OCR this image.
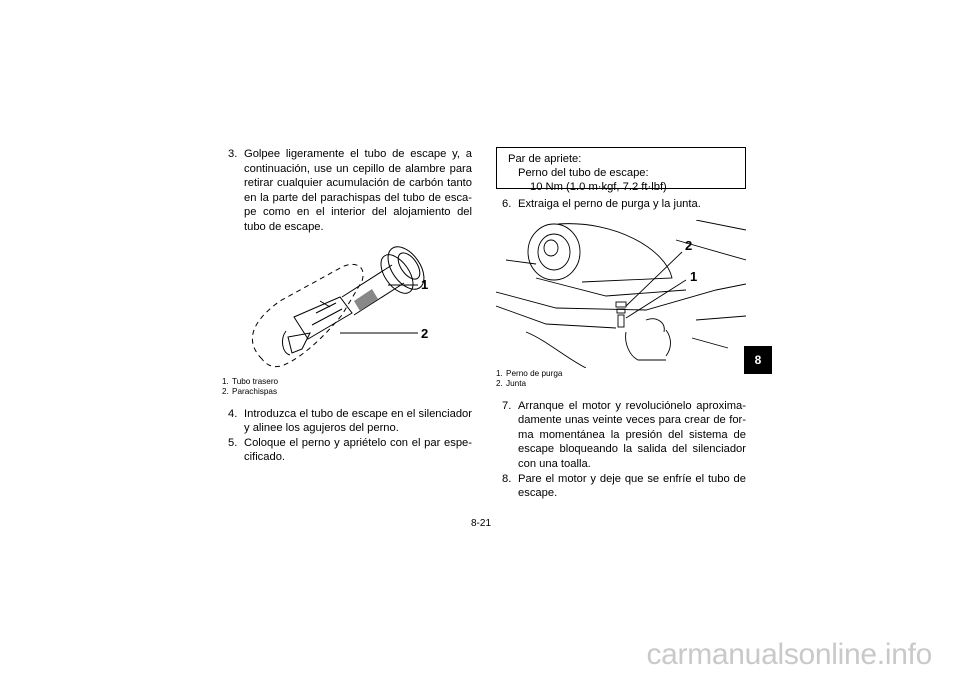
3. Golpee ligeramente el tubo de escape y, a continuación, use un cepillo de alambre para retirar cualquier acumulación de carbón tanto en la parte del parachispas del tubo de esca-pe como en el interior del alojamiento del tubo de escape.
1
2
1. Tubo trasero
2. Parachispas
4. Introduzca el tubo de escape en el silenciador y alinee los agujeros del perno.
5. Coloque el perno y apriételo con el par espe-cificado.
Par de apriete:
Perno del tubo de escape:
10 Nm (1.0 m·kgf, 7.2 ft·lbf)
6. Extraiga el perno de purga y la junta.
2
1
1. Perno de purga
2. Junta
7. Arranque el motor y revoluciónelo aproxima-damente unas veinte veces para crear de for-ma momentánea la presión del sistema de escape bloqueando la salida del silenciador con una toalla.
8. Pare el motor y deje que se enfríe el tubo de escape.
8
8-21
carmanualsonline.info
